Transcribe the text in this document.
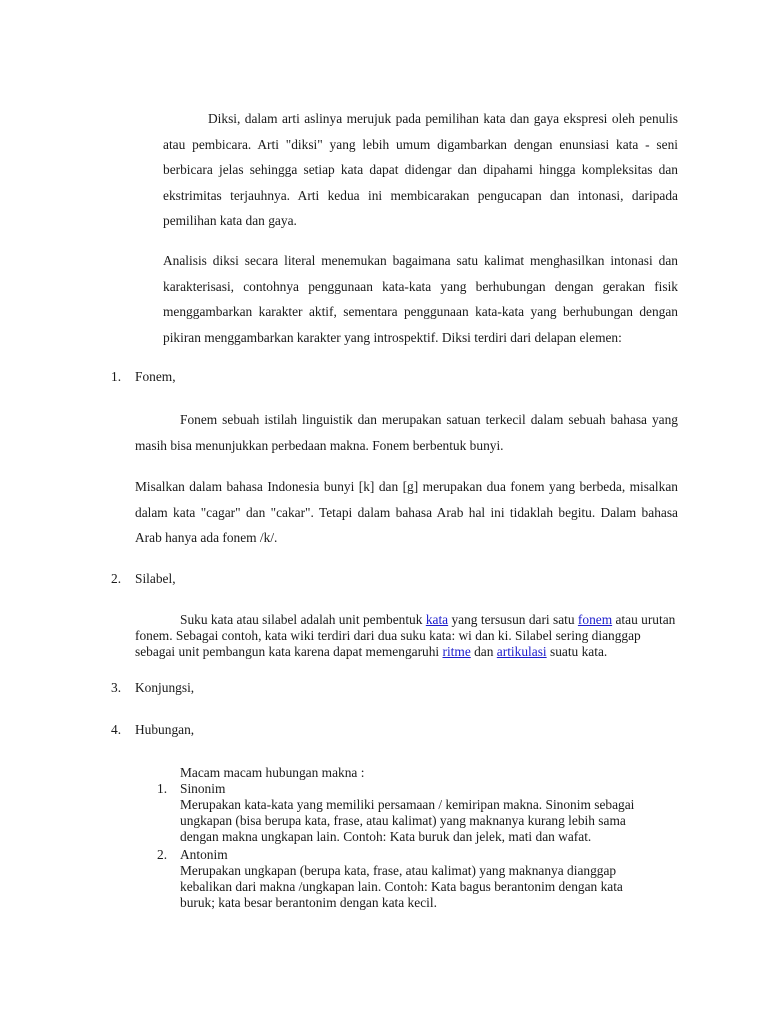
Diksi, dalam arti aslinya merujuk pada pemilihan kata dan gaya ekspresi oleh penulis atau pembicara. Arti "diksi" yang lebih umum digambarkan dengan enunsiasi kata - seni berbicara jelas sehingga setiap kata dapat didengar dan dipahami hingga kompleksitas dan ekstrimitas terjauhnya. Arti kedua ini membicarakan pengucapan dan intonasi, daripada pemilihan kata dan gaya.

Analisis diksi secara literal menemukan bagaimana satu kalimat menghasilkan intonasi dan karakterisasi, contohnya penggunaan kata-kata yang berhubungan dengan gerakan fisik menggambarkan karakter aktif, sementara penggunaan kata-kata yang berhubungan dengan pikiran menggambarkan karakter yang introspektif. Diksi terdiri dari delapan elemen:

1. Fonem,

Fonem sebuah istilah linguistik dan merupakan satuan terkecil dalam sebuah bahasa yang masih bisa menunjukkan perbedaan makna. Fonem berbentuk bunyi.

Misalkan dalam bahasa Indonesia bunyi [k] dan [g] merupakan dua fonem yang berbeda, misalkan dalam kata "cagar" dan "cakar". Tetapi dalam bahasa Arab hal ini tidaklah begitu. Dalam bahasa Arab hanya ada fonem /k/.

2. Silabel,

Suku kata atau silabel adalah unit pembentuk kata yang tersusun dari satu fonem atau urutan fonem. Sebagai contoh, kata wiki terdiri dari dua suku kata: wi dan ki. Silabel sering dianggap sebagai unit pembangun kata karena dapat memengaruhi ritme dan artikulasi suatu kata.

3. Konjungsi,
4. Hubungan,

Macam macam hubungan makna :

1. Sinonim

Merupakan kata-kata yang memiliki persamaan / kemiripan makna. Sinonim sebagai ungkapan (bisa berupa kata, frase, atau kalimat) yang maknanya kurang lebih sama dengan makna ungkapan lain. Contoh: Kata buruk dan jelek, mati dan wafat.

2. Antonim

Merupakan ungkapan (berupa kata, frase, atau kalimat) yang maknanya dianggap kebalikan dari makna /ungkapan lain. Contoh: Kata bagus berantonim dengan kata buruk; kata besar berantonim dengan kata kecil.
